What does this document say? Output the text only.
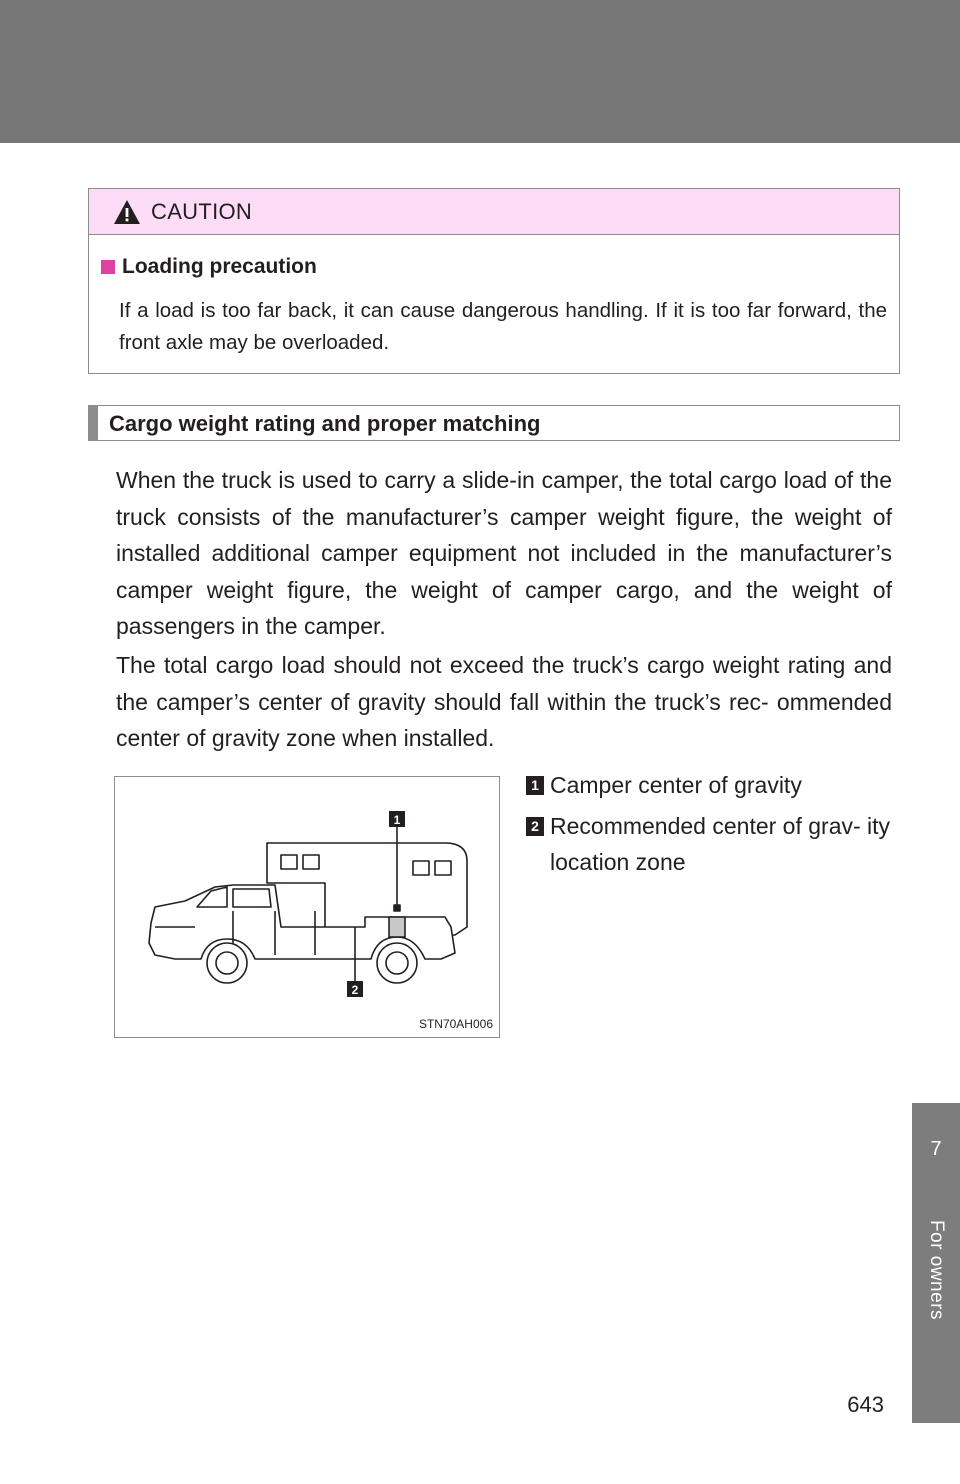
CAUTION
Loading precaution
If a load is too far back, it can cause dangerous handling. If it is too far forward, the front axle may be overloaded.
Cargo weight rating and proper matching
When the truck is used to carry a slide-in camper, the total cargo load of the truck consists of the manufacturer’s camper weight figure, the weight of installed additional camper equipment not included in the manufacturer’s camper weight figure, the weight of camper cargo, and the weight of passengers in the camper.
The total cargo load should not exceed the truck’s cargo weight rating and the camper’s center of gravity should fall within the truck’s rec- ommended center of gravity zone when installed.
1
2
STN70AH006
1 Camper center of gravity
2 Recommended center of grav- ity location zone
7
For owners
643
